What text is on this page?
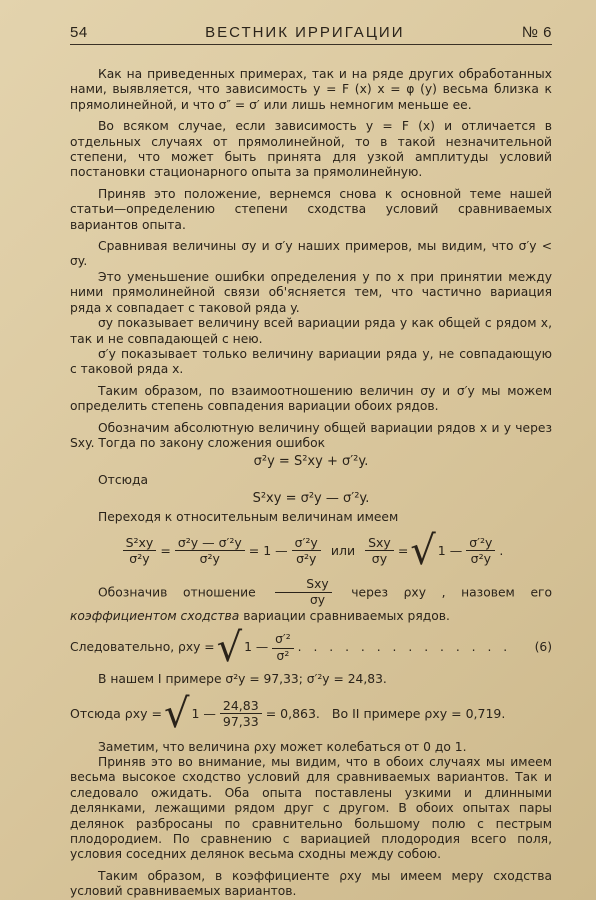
54	ВЕСТНИК ИРРИГАЦИИ	№ 6

Как на приведенных примерах, так и на ряде других обработанных нами, выявляется, что зависимость y = F (x) x = φ (y) весьма близка к прямолинейной, и что σ″ = σ′ или лишь немногим меньше ее.

Во всяком случае, если зависимость y = F (x) и отличается в отдельных случаях от прямолинейной, то в такой незначительной степени, что может быть принята для узкой амплитуды условий постановки стационарного опыта за прямолинейную.

Приняв это положение, вернемся снова к основной теме нашей статьи—определению степени сходства условий сравниваемых вариантов опыта.

Сравнивая величины σy и σ′y наших примеров, мы видим, что σ′y < σy.

Это уменьшение ошибки определения y по x при принятии между ними прямолинейной связи об'ясняется тем, что частично вариация ряда x совпадает с таковой ряда y.

σy показывает величину всей вариации ряда y как общей с рядом x, так и не совпадающей с нею.

σ′y показывает только величину вариации ряда y, не совпадающую с таковой ряда x.

Таким образом, по взаимоотношению величин σy и σ′y мы можем определить степень совпадения вариации обоих рядов.

Обозначим абсолютную величину общей вариации рядов x и y через Sxy. Тогда по закону сложения ошибок

σ²y = S²xy + σ′²y.

Отсюда

S²xy = σ²y — σ′²y.

Переходя к относительным величинам имеем

$\frac{\text{S²xy}}{\text{σ²y}} = \frac{\text{σ²y — σ′²y}}{\text{σ²y}} = 1$ — $\frac{\text{σ′²y}}{\text{σ²y}}$ или $\frac{\text{Sxy}}{\sigma y}$ = √ 1 — $\frac{\text{σ′²y}}{\text{σ²y}}$ .

Обозначив отношение $\frac{\text{Sxy}}{\sigma y}$ через ρxy , назовем его коэффициентом сходства вариации сравниваемых рядов.

Следовательно, ρxy = √ 1 — $\frac{\text{σ′²}}{\text{σ²}}$ . . . . . . . . . . . . . . (6)

В нашем I примере σ²y = 97,33; σ′²y = 24,83.

Отсюда ρxy = √ 1 — $\frac{24,83}{97,33} = 0,863$. Во II примере ρxy = 0,719.

Заметим, что величина ρxy может колебаться от 0 до 1.

Приняв это во внимание, мы видим, что в обоих случаях мы имеем весьма высокое сходство условий для сравниваемых вариантов. Так и следовало ожидать. Оба опыта поставлены узкими и длинными делянками, лежащими рядом друг с другом. В обоих опытах пары делянок разбросаны по сравнительно большому полю с пестрым плодородием. По сравнению с вариацией плодородия всего поля, условия соседних делянок весьма сходны между собою.

Таким образом, в коэффициенте ρxy мы имеем меру сходства условий сравниваемых вариантов.
